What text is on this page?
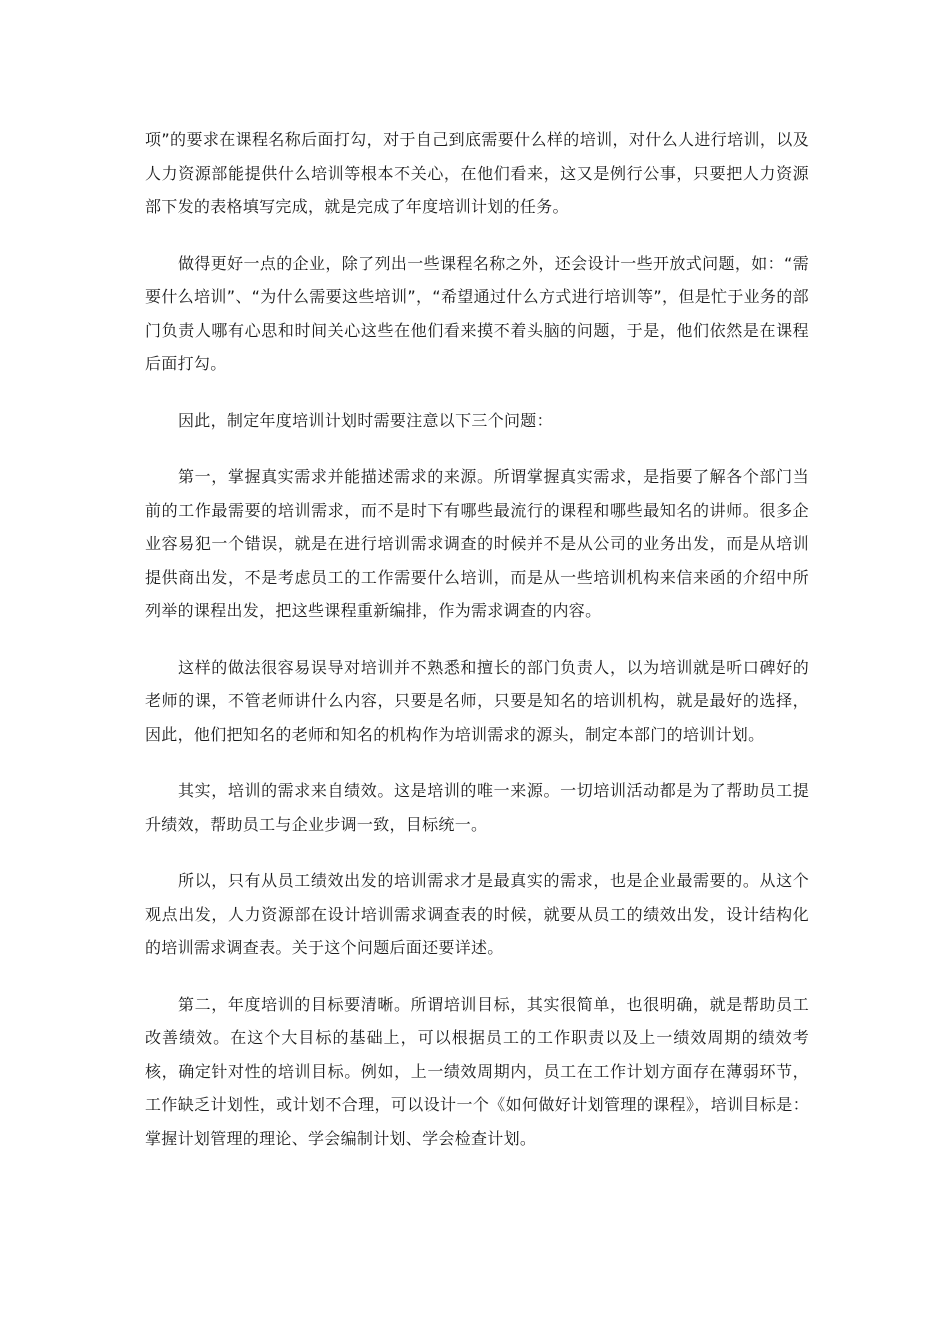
项”的要求在课程名称后面打勾，对于自己到底需要什么样的培训，对什么人进行培训，以及人力资源部能提供什么培训等根本不关心，在他们看来，这又是例行公事，只要把人力资源部下发的表格填写完成，就是完成了年度培训计划的任务。

做得更好一点的企业，除了列出一些课程名称之外，还会设计一些开放式问题，如：“需要什么培训”、“为什么需要这些培训”，“希望通过什么方式进行培训等”，但是忙于业务的部门负责人哪有心思和时间关心这些在他们看来摸不着头脑的问题，于是，他们依然是在课程后面打勾。

因此，制定年度培训计划时需要注意以下三个问题：

第一，掌握真实需求并能描述需求的来源。所谓掌握真实需求，是指要了解各个部门当前的工作最需要的培训需求，而不是时下有哪些最流行的课程和哪些最知名的讲师。很多企业容易犯一个错误，就是在进行培训需求调查的时候并不是从公司的业务出发，而是从培训提供商出发，不是考虑员工的工作需要什么培训，而是从一些培训机构来信来函的介绍中所列举的课程出发，把这些课程重新编排，作为需求调查的内容。

这样的做法很容易误导对培训并不熟悉和擅长的部门负责人，以为培训就是听口碑好的老师的课，不管老师讲什么内容，只要是名师，只要是知名的培训机构，就是最好的选择，因此，他们把知名的老师和知名的机构作为培训需求的源头，制定本部门的培训计划。

其实，培训的需求来自绩效。这是培训的唯一来源。一切培训活动都是为了帮助员工提升绩效，帮助员工与企业步调一致，目标统一。

所以，只有从员工绩效出发的培训需求才是最真实的需求，也是企业最需要的。从这个观点出发，人力资源部在设计培训需求调查表的时候，就要从员工的绩效出发，设计结构化的培训需求调查表。关于这个问题后面还要详述。

第二，年度培训的目标要清晰。所谓培训目标，其实很简单，也很明确，就是帮助员工改善绩效。在这个大目标的基础上，可以根据员工的工作职责以及上一绩效周期的绩效考核，确定针对性的培训目标。例如，上一绩效周期内，员工在工作计划方面存在薄弱环节，工作缺乏计划性，或计划不合理，可以设计一个《如何做好计划管理的课程》，培训目标是：掌握计划管理的理论、学会编制计划、学会检查计划。
